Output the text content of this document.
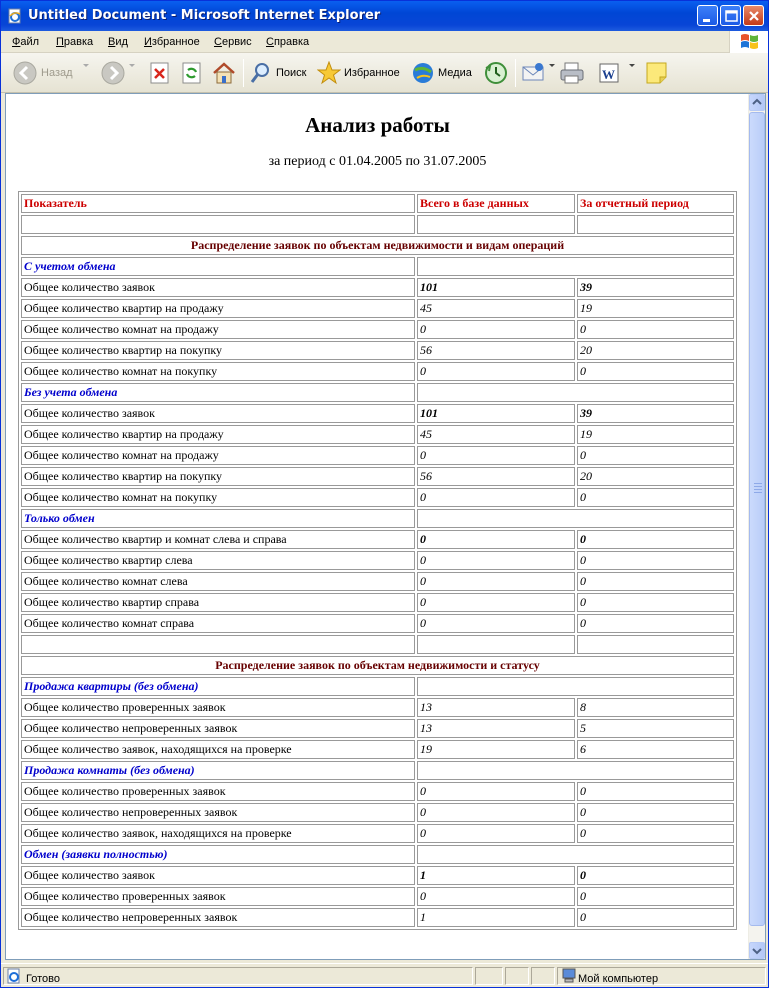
Untitled Document - Microsoft Internet Explorer
Файл Правка Вид Избранное Сервис Справка
Назад	Поиск	Избранное	Медиа	W
Анализ работы
за период с 01.04.2005 по 31.07.2005
Показатель	Всего в базе данных	За отчетный период

Распределение заявок по объектам недвижимости и видам операций		
С учетом обмена		
Общее количество заявок	101	39
Общее количество квартир на продажу	45	19
Общее количество комнат на продажу	0	0
Общее количество квартир на покупку	56	20
Общее количество комнат на покупку	0	0
Без учета обмена		
Общее количество заявок	101	39
Общее количество квартир на продажу	45	19
Общее количество комнат на продажу	0	0
Общее количество квартир на покупку	56	20
Общее количество комнат на покупку	0	0
Только обмен		
Общее количество квартир и комнат слева и справа	0	0
Общее количество квартир слева	0	0
Общее количество комнат слева	0	0
Общее количество квартир справа	0	0
Общее количество комнат справа	0	0

Распределение заявок по объектам недвижимости и статусу		
Продажа квартиры (без обмена)		
Общее количество проверенных заявок	13	8
Общее количество непроверенных заявок	13	5
Общее количество заявок, находящихся на проверке	19	6
Продажа комнаты (без обмена)		
Общее количество проверенных заявок	0	0
Общее количество непроверенных заявок	0	0
Общее количество заявок, находящихся на проверке	0	0
Обмен (заявки полностью)		
Общее количество заявок	1	0
Общее количество проверенных заявок	0	0
Общее количество непроверенных заявок	1	0
Готово	Мой компьютер
